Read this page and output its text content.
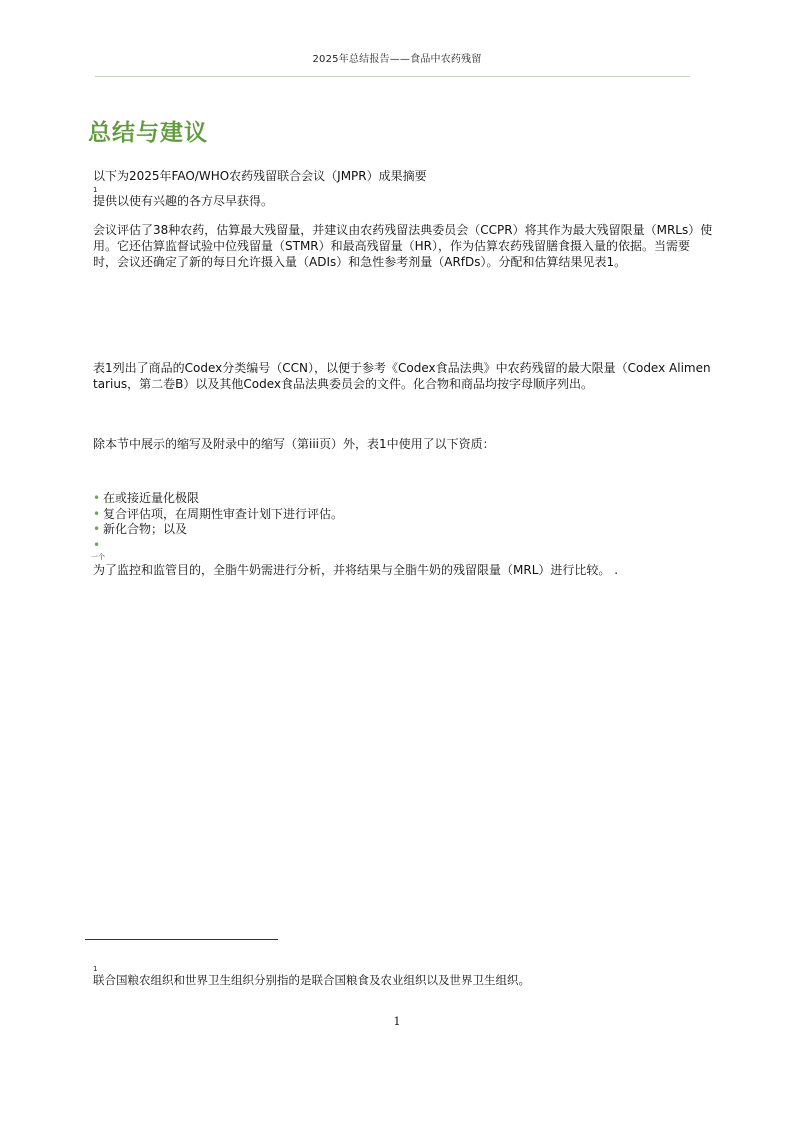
2025年总结报告——食品中农药残留
总结与建议
以下为2025年FAO/WHO农药残留联合会议（JMPR）成果摘要
1
提供以使有兴趣的各方尽早获得。
会议评估了38种农药，估算最大残留量，并建议由农药残留法典委员会（CCPR）将其作为最大残留限量（MRLs）使用。它还估算监督试验中位残留量（STMR）和最高残留量（HR），作为估算农药残留膳食摄入量的依据。当需要时，会议还确定了新的每日允许摄入量（ADIs）和急性参考剂量（ARfDs）。分配和估算结果见表1。
表1列出了商品的Codex分类编号（CCN），以便于参考《Codex食品法典》中农药残留的最大限量（Codex Alimentarius，第二卷B）以及其他Codex食品法典委员会的文件。化合物和商品均按字母顺序列出。
除本节中展示的缩写及附录中的缩写（第iii页）外，表1中使用了以下资质：
• 在或接近量化极限
• 复合评估项，在周期性审查计划下进行评估。
• 新化合物；以及
•
一个
为了监控和监管目的，全脂牛奶需进行分析，并将结果与全脂牛奶的残留限量（MRL）进行比较。 .
1
联合国粮农组织和世界卫生组织分别指的是联合国粮食及农业组织以及世界卫生组织。
1
